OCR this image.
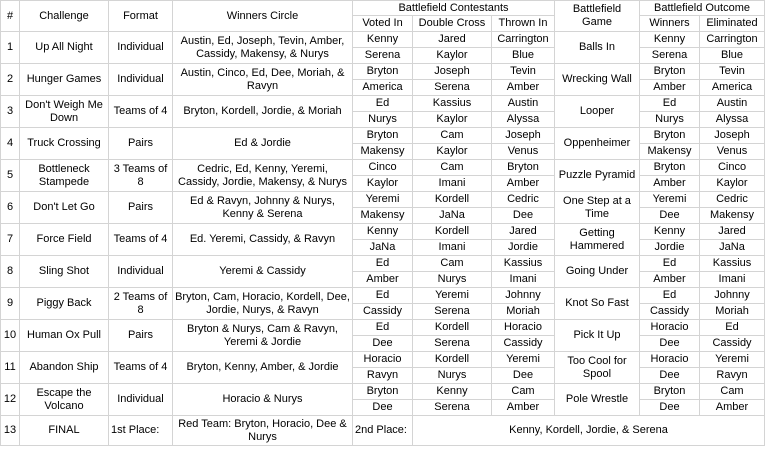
#	Challenge	Format	Winners Circle	Battlefield Contestants			Battlefield Game	Battlefield Outcome	
				Voted In	Double Cross	Thrown In		Winners	Eliminated
1	Up All Night	Individual	Austin, Ed, Joseph, Tevin, Amber, Cassidy, Makensy, & Nurys	Kenny	Jared	Carrington	Balls In	Kenny	Carrington
				Serena	Kaylor	Blue		Serena	Blue
2	Hunger Games	Individual	Austin, Cinco, Ed, Dee, Moriah, & Ravyn	Bryton	Joseph	Tevin	Wrecking Wall	Bryton	Tevin
				America	Serena	Amber		Amber	America
3	Don't Weigh Me Down	Teams of 4	Bryton, Kordell, Jordie, & Moriah	Ed	Kassius	Austin	Looper	Ed	Austin
				Nurys	Kaylor	Alyssa		Nurys	Alyssa
4	Truck Crossing	Pairs	Ed & Jordie	Bryton	Cam	Joseph	Oppenheimer	Bryton	Joseph
				Makensy	Kaylor	Venus		Makensy	Venus
5	Bottleneck Stampede	3 Teams of 8	Cedric, Ed, Kenny, Yeremi, Cassidy, Jordie, Makensy, & Nurys	Cinco	Cam	Bryton	Puzzle Pyramid	Bryton	Cinco
				Kaylor	Imani	Amber		Amber	Kaylor
6	Don't Let Go	Pairs	Ed & Ravyn, Johnny & Nurys, Kenny & Serena	Yeremi	Kordell	Cedric	One Step at a Time	Yeremi	Cedric
				Makensy	JaNa	Dee		Dee	Makensy
7	Force Field	Teams of 4	Ed. Yeremi, Cassidy, & Ravyn	Kenny	Kordell	Jared	Getting Hammered	Kenny	Jared
				JaNa	Imani	Jordie		Jordie	JaNa
8	Sling Shot	Individual	Yeremi & Cassidy	Ed	Cam	Kassius	Going Under	Ed	Kassius
				Amber	Nurys	Imani		Amber	Imani
9	Piggy Back	2 Teams of 8	Bryton, Cam, Horacio, Kordell, Dee, Jordie, Nurys, & Ravyn	Ed	Yeremi	Johnny	Knot So Fast	Ed	Johnny
				Cassidy	Serena	Moriah		Cassidy	Moriah
10	Human Ox Pull	Pairs	Bryton & Nurys, Cam & Ravyn, Yeremi & Jordie	Ed	Kordell	Horacio	Pick It Up	Horacio	Ed
				Dee	Serena	Cassidy		Dee	Cassidy
11	Abandon Ship	Teams of 4	Bryton, Kenny, Amber, & Jordie	Horacio	Kordell	Yeremi	Too Cool for Spool	Horacio	Yeremi
				Ravyn	Nurys	Dee		Dee	Ravyn
12	Escape the Volcano	Individual	Horacio & Nurys	Bryton	Kenny	Cam	Pole Wrestle	Bryton	Cam
				Dee	Serena	Amber		Dee	Amber
13	FINAL	1st Place:	Red Team: Bryton, Horacio, Dee & Nurys	2nd Place:	Kenny, Kordell, Jordie, & Serena				
